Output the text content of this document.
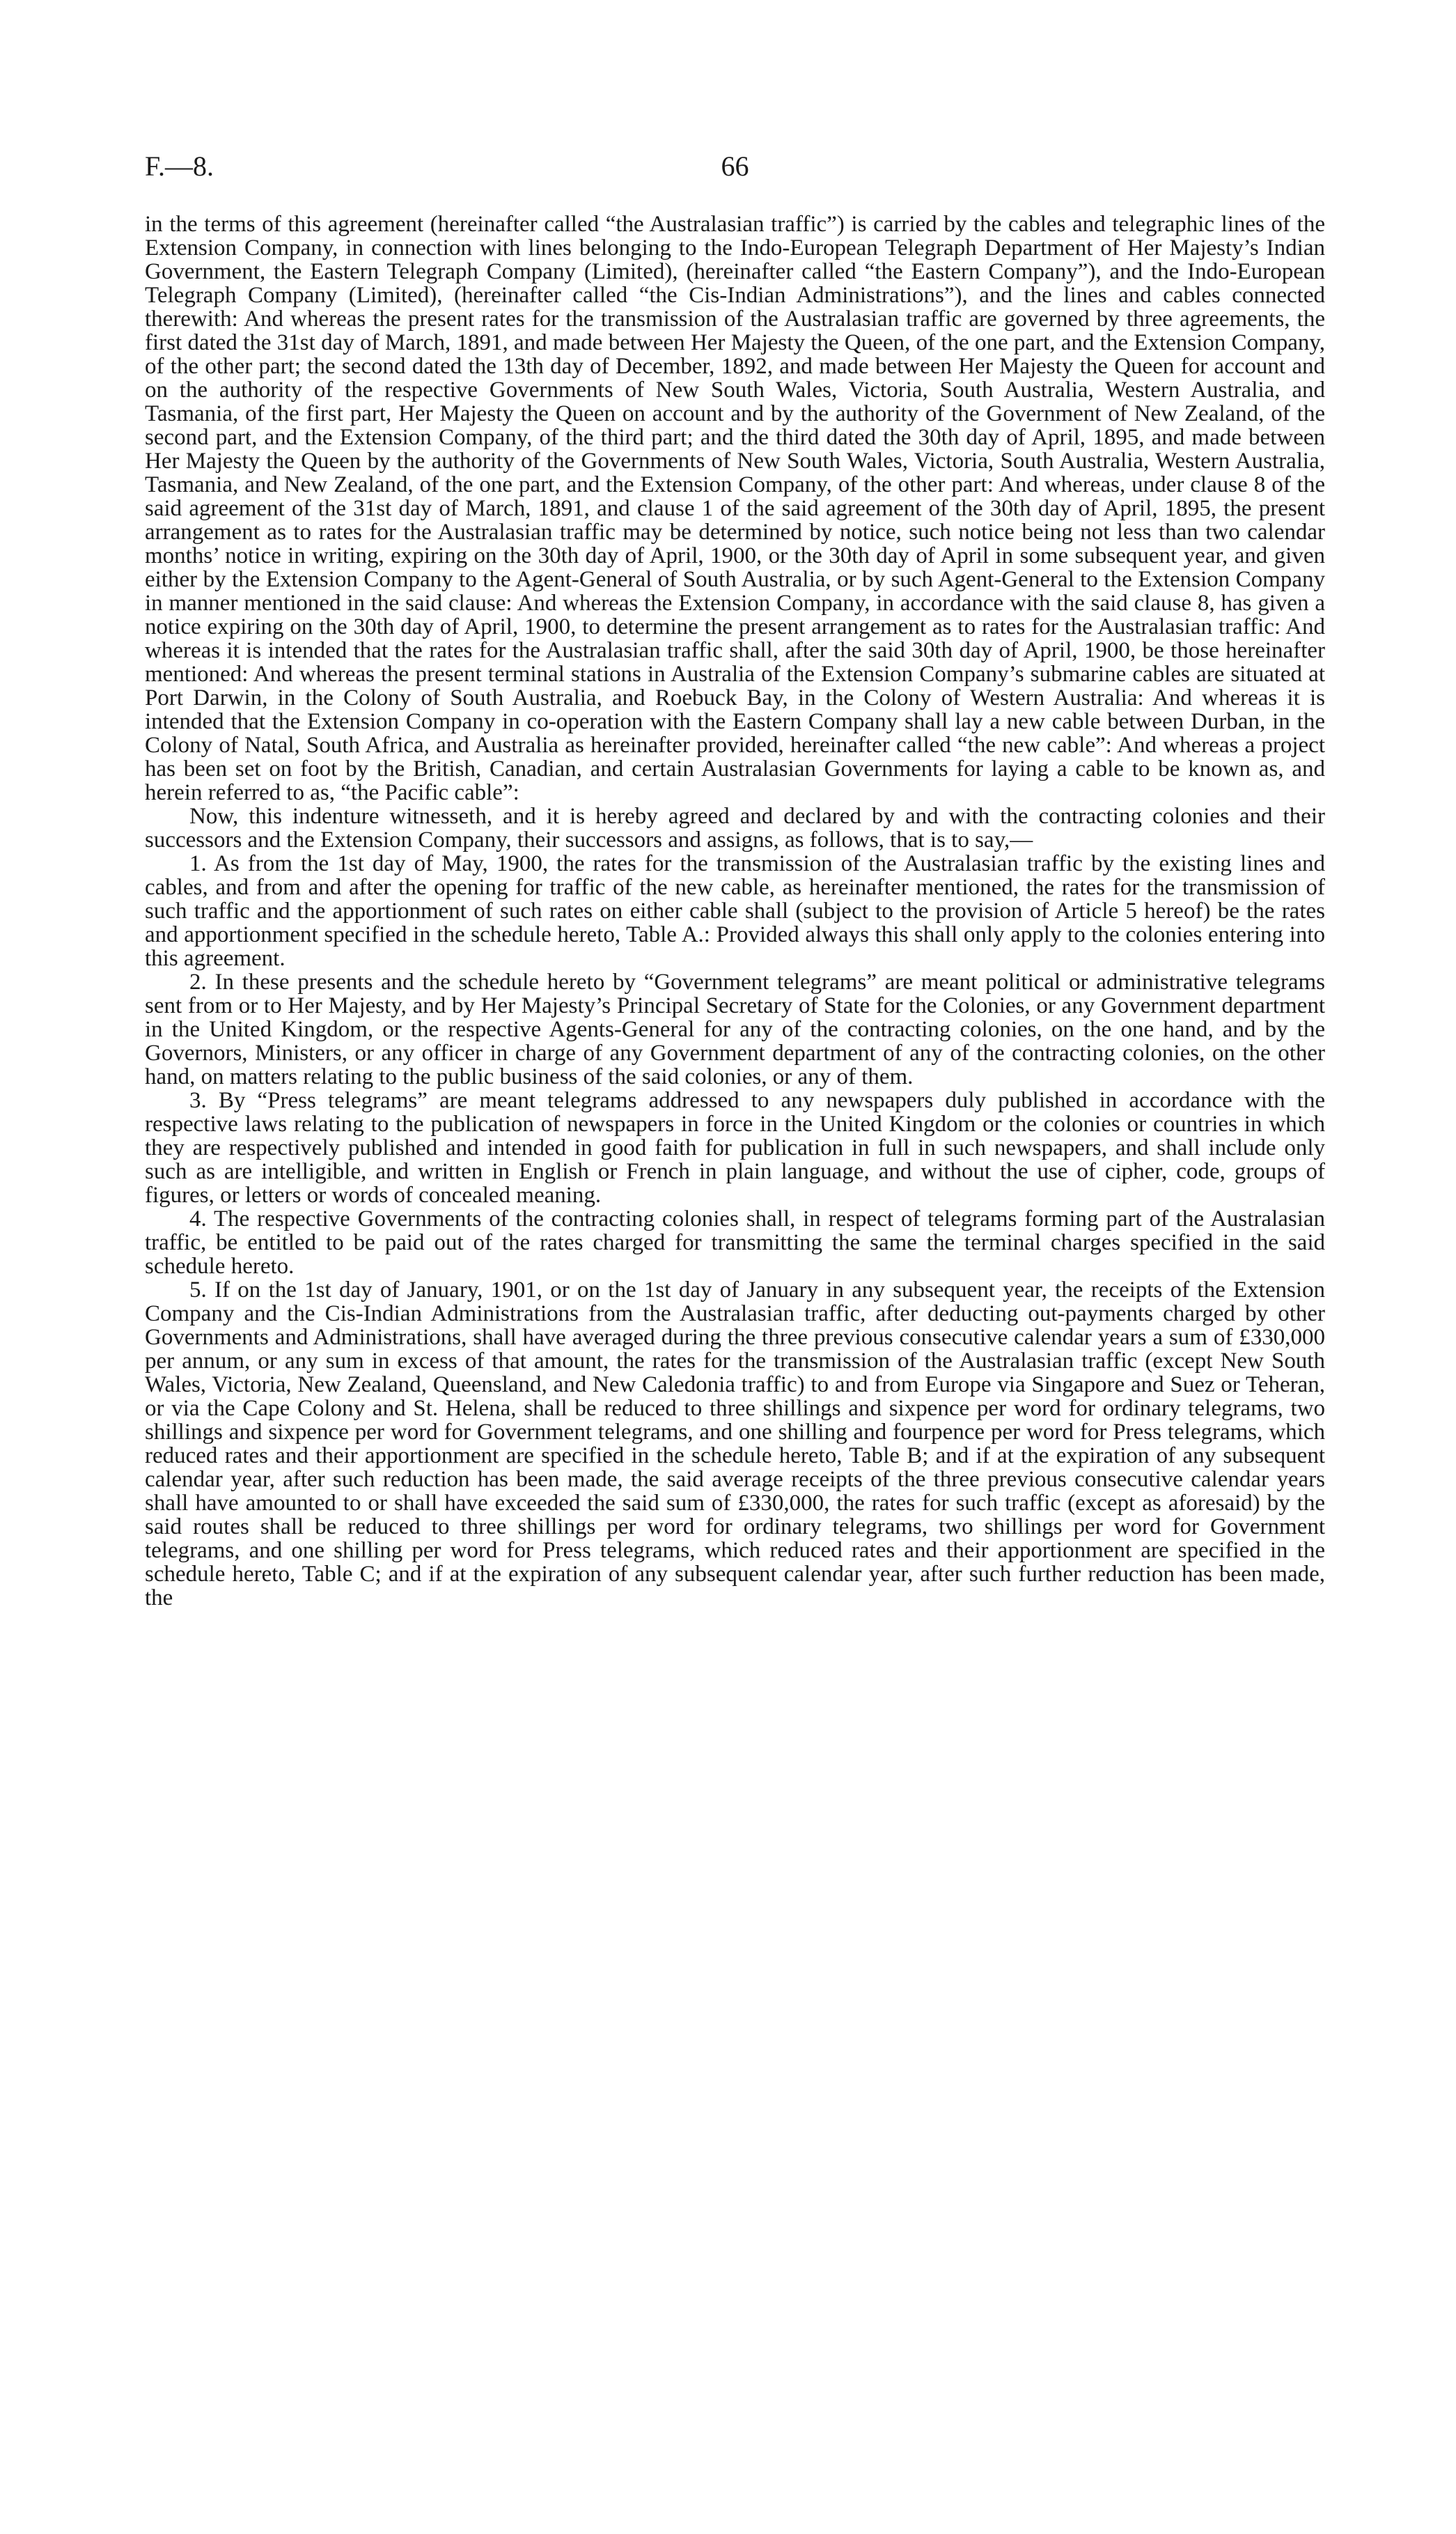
F.—8.	66

in the terms of this agreement (hereinafter called “the Australasian traffic”) is carried by the cables and telegraphic lines of the Extension Company, in connection with lines belonging to the Indo-European Telegraph Department of Her Majesty’s Indian Government, the Eastern Telegraph Company (Limited), (hereinafter called “the Eastern Company”), and the Indo-European Telegraph Company (Limited), (hereinafter called “the Cis-Indian Administrations”), and the lines and cables connected therewith: And whereas the present rates for the transmission of the Australasian traffic are governed by three agreements, the first dated the 31st day of March, 1891, and made between Her Majesty the Queen, of the one part, and the Extension Company, of the other part; the second dated the 13th day of December, 1892, and made between Her Majesty the Queen for account and on the authority of the respective Governments of New South Wales, Victoria, South Australia, Western Australia, and Tasmania, of the first part, Her Majesty the Queen on account and by the authority of the Government of New Zealand, of the second part, and the Extension Company, of the third part; and the third dated the 30th day of April, 1895, and made between Her Majesty the Queen by the authority of the Governments of New South Wales, Victoria, South Australia, Western Australia, Tasmania, and New Zealand, of the one part, and the Extension Company, of the other part: And whereas, under clause 8 of the said agreement of the 31st day of March, 1891, and clause 1 of the said agreement of the 30th day of April, 1895, the present arrangement as to rates for the Australasian traffic may be determined by notice, such notice being not less than two calendar months’ notice in writing, expiring on the 30th day of April, 1900, or the 30th day of April in some subsequent year, and given either by the Extension Company to the Agent-General of South Australia, or by such Agent-General to the Extension Company in manner mentioned in the said clause: And whereas the Extension Company, in accordance with the said clause 8, has given a notice expiring on the 30th day of April, 1900, to determine the present arrangement as to rates for the Australasian traffic: And whereas it is intended that the rates for the Australasian traffic shall, after the said 30th day of April, 1900, be those hereinafter mentioned: And whereas the present terminal stations in Australia of the Extension Company’s submarine cables are situated at Port Darwin, in the Colony of South Australia, and Roebuck Bay, in the Colony of Western Australia: And whereas it is intended that the Extension Company in co-operation with the Eastern Company shall lay a new cable between Durban, in the Colony of Natal, South Africa, and Australia as hereinafter provided, hereinafter called “the new cable”: And whereas a project has been set on foot by the British, Canadian, and certain Australasian Governments for laying a cable to be known as, and herein referred to as, “the Pacific cable”:

Now, this indenture witnesseth, and it is hereby agreed and declared by and with the contracting colonies and their successors and the Extension Company, their successors and assigns, as follows, that is to say,—

1. As from the 1st day of May, 1900, the rates for the transmission of the Australasian traffic by the existing lines and cables, and from and after the opening for traffic of the new cable, as hereinafter mentioned, the rates for the transmission of such traffic and the apportionment of such rates on either cable shall (subject to the provision of Article 5 hereof) be the rates and apportionment specified in the schedule hereto, Table A.: Provided always this shall only apply to the colonies entering into this agreement.

2. In these presents and the schedule hereto by “Government telegrams” are meant political or administrative telegrams sent from or to Her Majesty, and by Her Majesty’s Principal Secretary of State for the Colonies, or any Government department in the United Kingdom, or the respective Agents-General for any of the contracting colonies, on the one hand, and by the Governors, Ministers, or any officer in charge of any Government department of any of the contracting colonies, on the other hand, on matters relating to the public business of the said colonies, or any of them.

3. By “Press telegrams” are meant telegrams addressed to any newspapers duly published in accordance with the respective laws relating to the publication of newspapers in force in the United Kingdom or the colonies or countries in which they are respectively published and intended in good faith for publication in full in such newspapers, and shall include only such as are intelligible, and written in English or French in plain language, and without the use of cipher, code, groups of figures, or letters or words of concealed meaning.

4. The respective Governments of the contracting colonies shall, in respect of telegrams forming part of the Australasian traffic, be entitled to be paid out of the rates charged for transmitting the same the terminal charges specified in the said schedule hereto.

5. If on the 1st day of January, 1901, or on the 1st day of January in any subsequent year, the receipts of the Extension Company and the Cis-Indian Administrations from the Australasian traffic, after deducting out-payments charged by other Governments and Administrations, shall have averaged during the three previous consecutive calendar years a sum of £330,000 per annum, or any sum in excess of that amount, the rates for the transmission of the Australasian traffic (except New South Wales, Victoria, New Zealand, Queensland, and New Caledonia traffic) to and from Europe via Singapore and Suez or Teheran, or via the Cape Colony and St. Helena, shall be reduced to three shillings and sixpence per word for ordinary telegrams, two shillings and sixpence per word for Government telegrams, and one shilling and fourpence per word for Press telegrams, which reduced rates and their apportionment are specified in the schedule hereto, Table B; and if at the expiration of any subsequent calendar year, after such reduction has been made, the said average receipts of the three previous consecutive calendar years shall have amounted to or shall have exceeded the said sum of £330,000, the rates for such traffic (except as aforesaid) by the said routes shall be reduced to three shillings per word for ordinary telegrams, two shillings per word for Government telegrams, and one shilling per word for Press telegrams, which reduced rates and their apportionment are specified in the schedule hereto, Table C; and if at the expiration of any subsequent calendar year, after such further reduction has been made, the
